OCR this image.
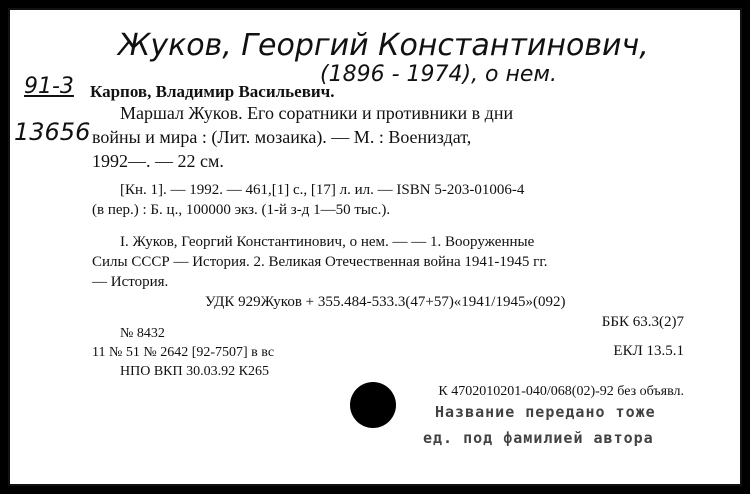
Жуков, Георгий Константинович,
(1896 - 1974), о нем.
91-3
13656
Карпов, Владимир Васильевич.
Маршал Жуков. Его соратники и противники в дни
войны и мира : (Лит. мозаика). — М. : Воениздат,
1992—. — 22 см.
[Кн. 1]. — 1992. — 461,[1] с., [17] л. ил. — ISBN 5-203-01006-4
(в пер.) : Б. ц., 100000 экз. (1-й з-д 1—50 тыс.).
I. Жуков, Георгий Константинович, о нем. — — 1. Вооруженные
Силы СССР — История. 2. Великая Отечественная война 1941-1945 гг.
— История.
УДК 929Жуков + 355.484-533.3(47+57)«1941/1945»(092)
ББК 63.3(2)7
№ 8432
11 № 51 № 2642 [92-7507] в вс	ЕКЛ 13.5.1
НПО ВКП 30.03.92 К265
К 4702010201-040/068(02)-92 без объявл.
Название передано тоже
ед. под фамилией автора
